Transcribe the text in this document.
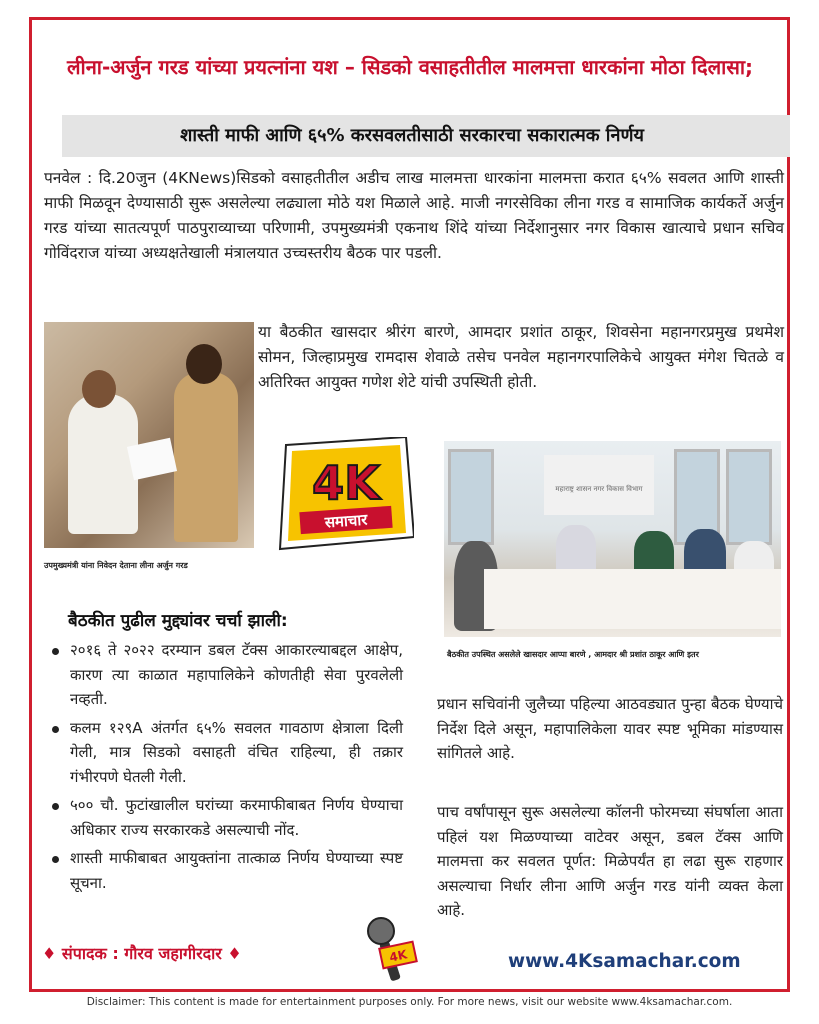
लीना-अर्जुन गरड यांच्या प्रयत्नांना यश – सिडको वसाहतीतील मालमत्ता धारकांना मोठा दिलासा;
शास्ती माफी आणि ६५% करसवलतीसाठी सरकारचा सकारात्मक निर्णय
पनवेल : दि.20जुन (4KNews)सिडको वसाहतीतील अडीच लाख मालमत्ता धारकांना मालमत्ता करात ६५% सवलत आणि शास्ती माफी मिळवून देण्यासाठी सुरू असलेल्या लढ्याला मोठे यश मिळाले आहे. माजी नगरसेविका लीना गरड व सामाजिक कार्यकर्ते अर्जुन गरड यांच्या सातत्यपूर्ण पाठपुराव्याच्या परिणामी, उपमुख्यमंत्री एकनाथ शिंदे यांच्या निर्देशानुसार नगर विकास खात्याचे प्रधान सचिव गोविंदराज यांच्या अध्यक्षतेखाली मंत्रालयात उच्चस्तरीय बैठक पार पडली.
उपमुख्यमंत्री यांना निवेदन देताना लीना अर्जुन गरड
या बैठकीत खासदार श्रीरंग बारणे, आमदार प्रशांत ठाकूर, शिवसेना महानगरप्रमुख प्रथमेश सोमन, जिल्हाप्रमुख रामदास शेवाळे तसेच पनवेल महानगरपालिकेचे आयुक्त मंगेश चितळे व अतिरिक्त आयुक्त गणेश शेटे यांची उपस्थिती होती.
4K
समाचार
महाराष्ट्र शासन नगर विकास विभाग
बैठकीत उपस्थित असलेले खासदार आप्पा बारणे , आमदार श्री प्रशांत ठाकूर आणि इतर
बैठकीत पुढील मुद्द्यांवर चर्चा झाली:
२०१६ ते २०२२ दरम्यान डबल टॅक्स आकारल्याबद्दल आक्षेप, कारण त्या काळात महापालिकेने कोणतीही सेवा पुरवलेली नव्हती.
कलम १२९A अंतर्गत ६५% सवलत गावठाण क्षेत्राला दिली गेली, मात्र सिडको वसाहती वंचित राहिल्या, ही तक्रार गंभीरपणे घेतली गेली.
५०० चौ. फुटांखालील घरांच्या करमाफीबाबत निर्णय घेण्याचा अधिकार राज्य सरकारकडे असल्याची नोंद.
शास्ती माफीबाबत आयुक्तांना तात्काळ निर्णय घेण्याच्या स्पष्ट सूचना.
प्रधान सचिवांनी जुलैच्या पहिल्या आठवड्यात पुन्हा बैठक घेण्याचे निर्देश दिले असून, महापालिकेला यावर स्पष्ट भूमिका मांडण्यास सांगितले आहे.
पाच वर्षांपासून सुरू असलेल्या कॉलनी फोरमच्या संघर्षाला आता पहिलं यश मिळण्याच्या वाटेवर असून, डबल टॅक्स आणि मालमत्ता कर सवलत पूर्णत: मिळेपर्यंत हा लढा सुरू राहणार असल्याचा निर्धार लीना आणि अर्जुन गरड यांनी व्यक्त केला आहे.
♦ संपादक : गौरव जहागीरदार ♦	4K	www.4Ksamachar.com
Disclaimer: This content is made for entertainment purposes only. For more news, visit our website www.4ksamachar.com.
